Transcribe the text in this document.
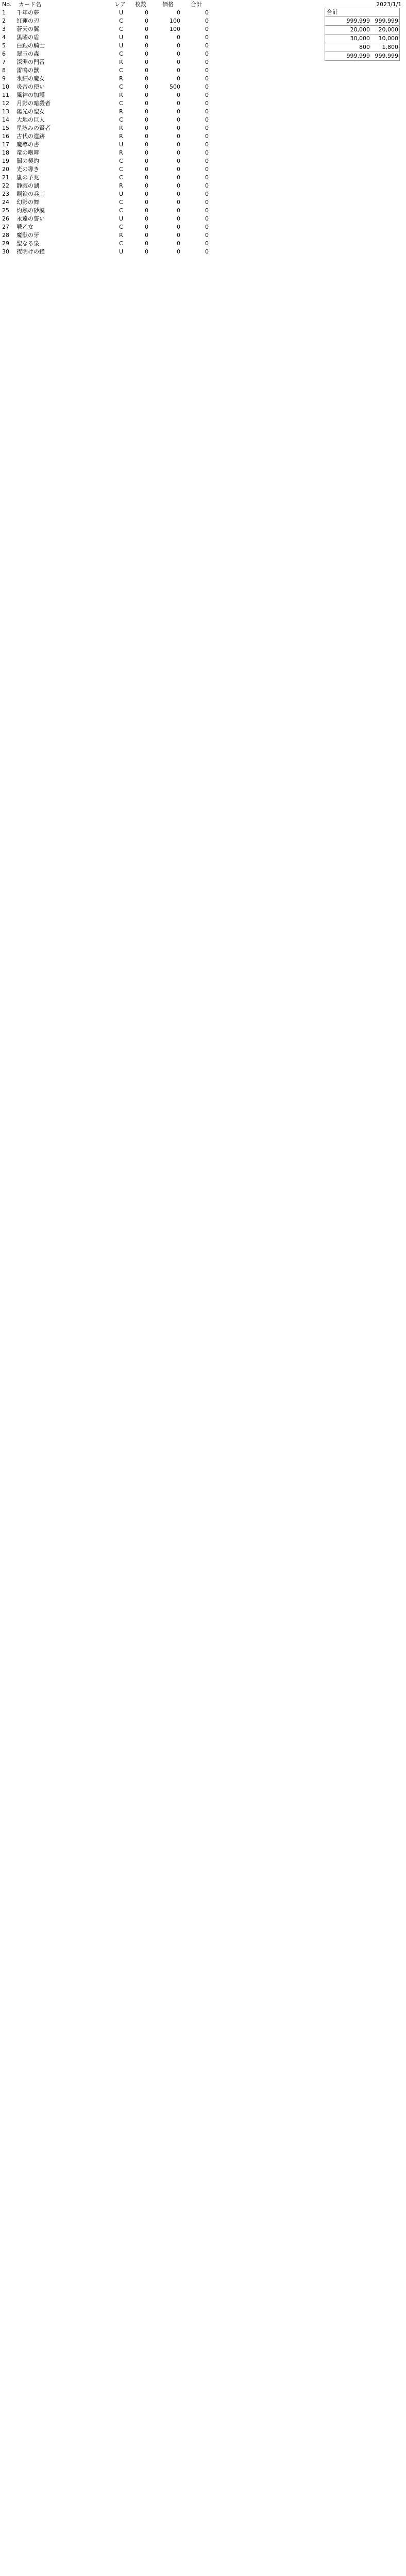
No. カード名	レア 枚数	価格	合計	2023/1/1
1	千年の夢	U	0	0	0
2	紅蓮の刃	C	0	100	0
3	蒼天の翼	C	0	100	0
4	黒曜の盾	U	0	0	0
5	白銀の騎士	U	0	0	0
6	翠玉の森	C	0	0	0
7	深淵の門番	R	0	0	0
8	雷鳴の獣	C	0	0	0
9	氷結の魔女	R	0	0	0
10	炎帝の使い	C	0	500	0
11	風神の加護	R	0	0	0
12	月影の暗殺者	C	0	0	0
13	陽光の聖女	R	0	0	0
14	大地の巨人	C	0	0	0
15	星詠みの賢者	R	0	0	0
16	古代の遺跡	R	0	0	0
17	魔導の書	U	0	0	0
18	竜の咆哮	R	0	0	0
19	闇の契約	C	0	0	0
20	光の導き	C	0	0	0
21	嵐の予兆	C	0	0	0
22	静寂の湖	R	0	0	0
23	鋼鉄の兵士	U	0	0	0
24	幻影の舞	C	0	0	0
25	灼熱の砂漠	C	0	0	0
26	永遠の誓い	U	0	0	0
27	戦乙女	C	0	0	0
28	魔獣の牙	R	0	0	0
29	聖なる泉	C	0	0	0
30	夜明けの鐘	U	0	0	0
合計
999,999 999,999
20,000	20,000
30,000	10,000
800	1,800
999,999 999,999
